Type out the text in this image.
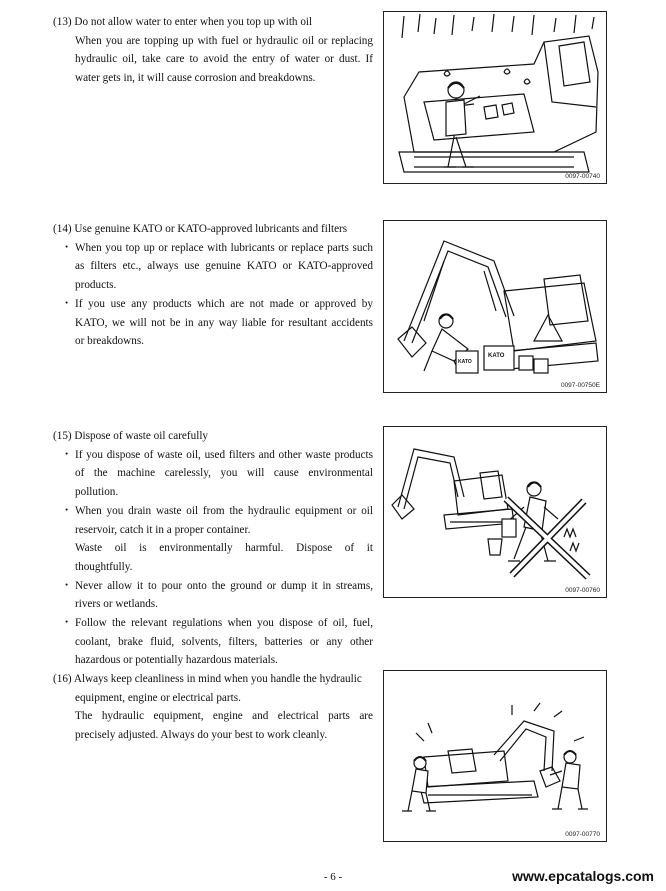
(13) Do not allow water to enter when you top up with oil
When you are topping up with fuel or hydraulic oil or replacing
hydraulic oil, take care to avoid the entry of water or dust. If
water gets in, it will cause corrosion and breakdowns.
0097-00740
(14) Use genuine KATO or KATO-approved lubricants and filters
・ When you top up or replace with lubricants or replace parts such
as filters etc., always use genuine KATO or KATO-approved
products.
・ If you use any products which are not made or approved by
KATO, we will not be in any way liable for resultant accidents
or breakdowns.
KATO
KATO
0097-00750E
(15) Dispose of waste oil carefully
・ If you dispose of waste oil, used filters and other waste products
of the machine carelessly, you will cause environmental
pollution.
・ When you drain waste oil from the hydraulic equipment or oil
reservoir, catch it in a proper container.
Waste oil is environmentally harmful. Dispose of it
thoughtfully.
・ Never allow it to pour onto the ground or dump it in streams,
rivers or wetlands.
・ Follow the relevant regulations when you dispose of oil, fuel,
coolant, brake fluid, solvents, filters, batteries or any other
hazardous or potentially hazardous materials.
0097-00760
(16) Always keep cleanliness in mind when you handle the hydraulic
equipment, engine or electrical parts.
The hydraulic equipment, engine and electrical parts are
precisely adjusted. Always do your best to work cleanly.
0097-00770
- 6 -	www.epcatalogs.com
